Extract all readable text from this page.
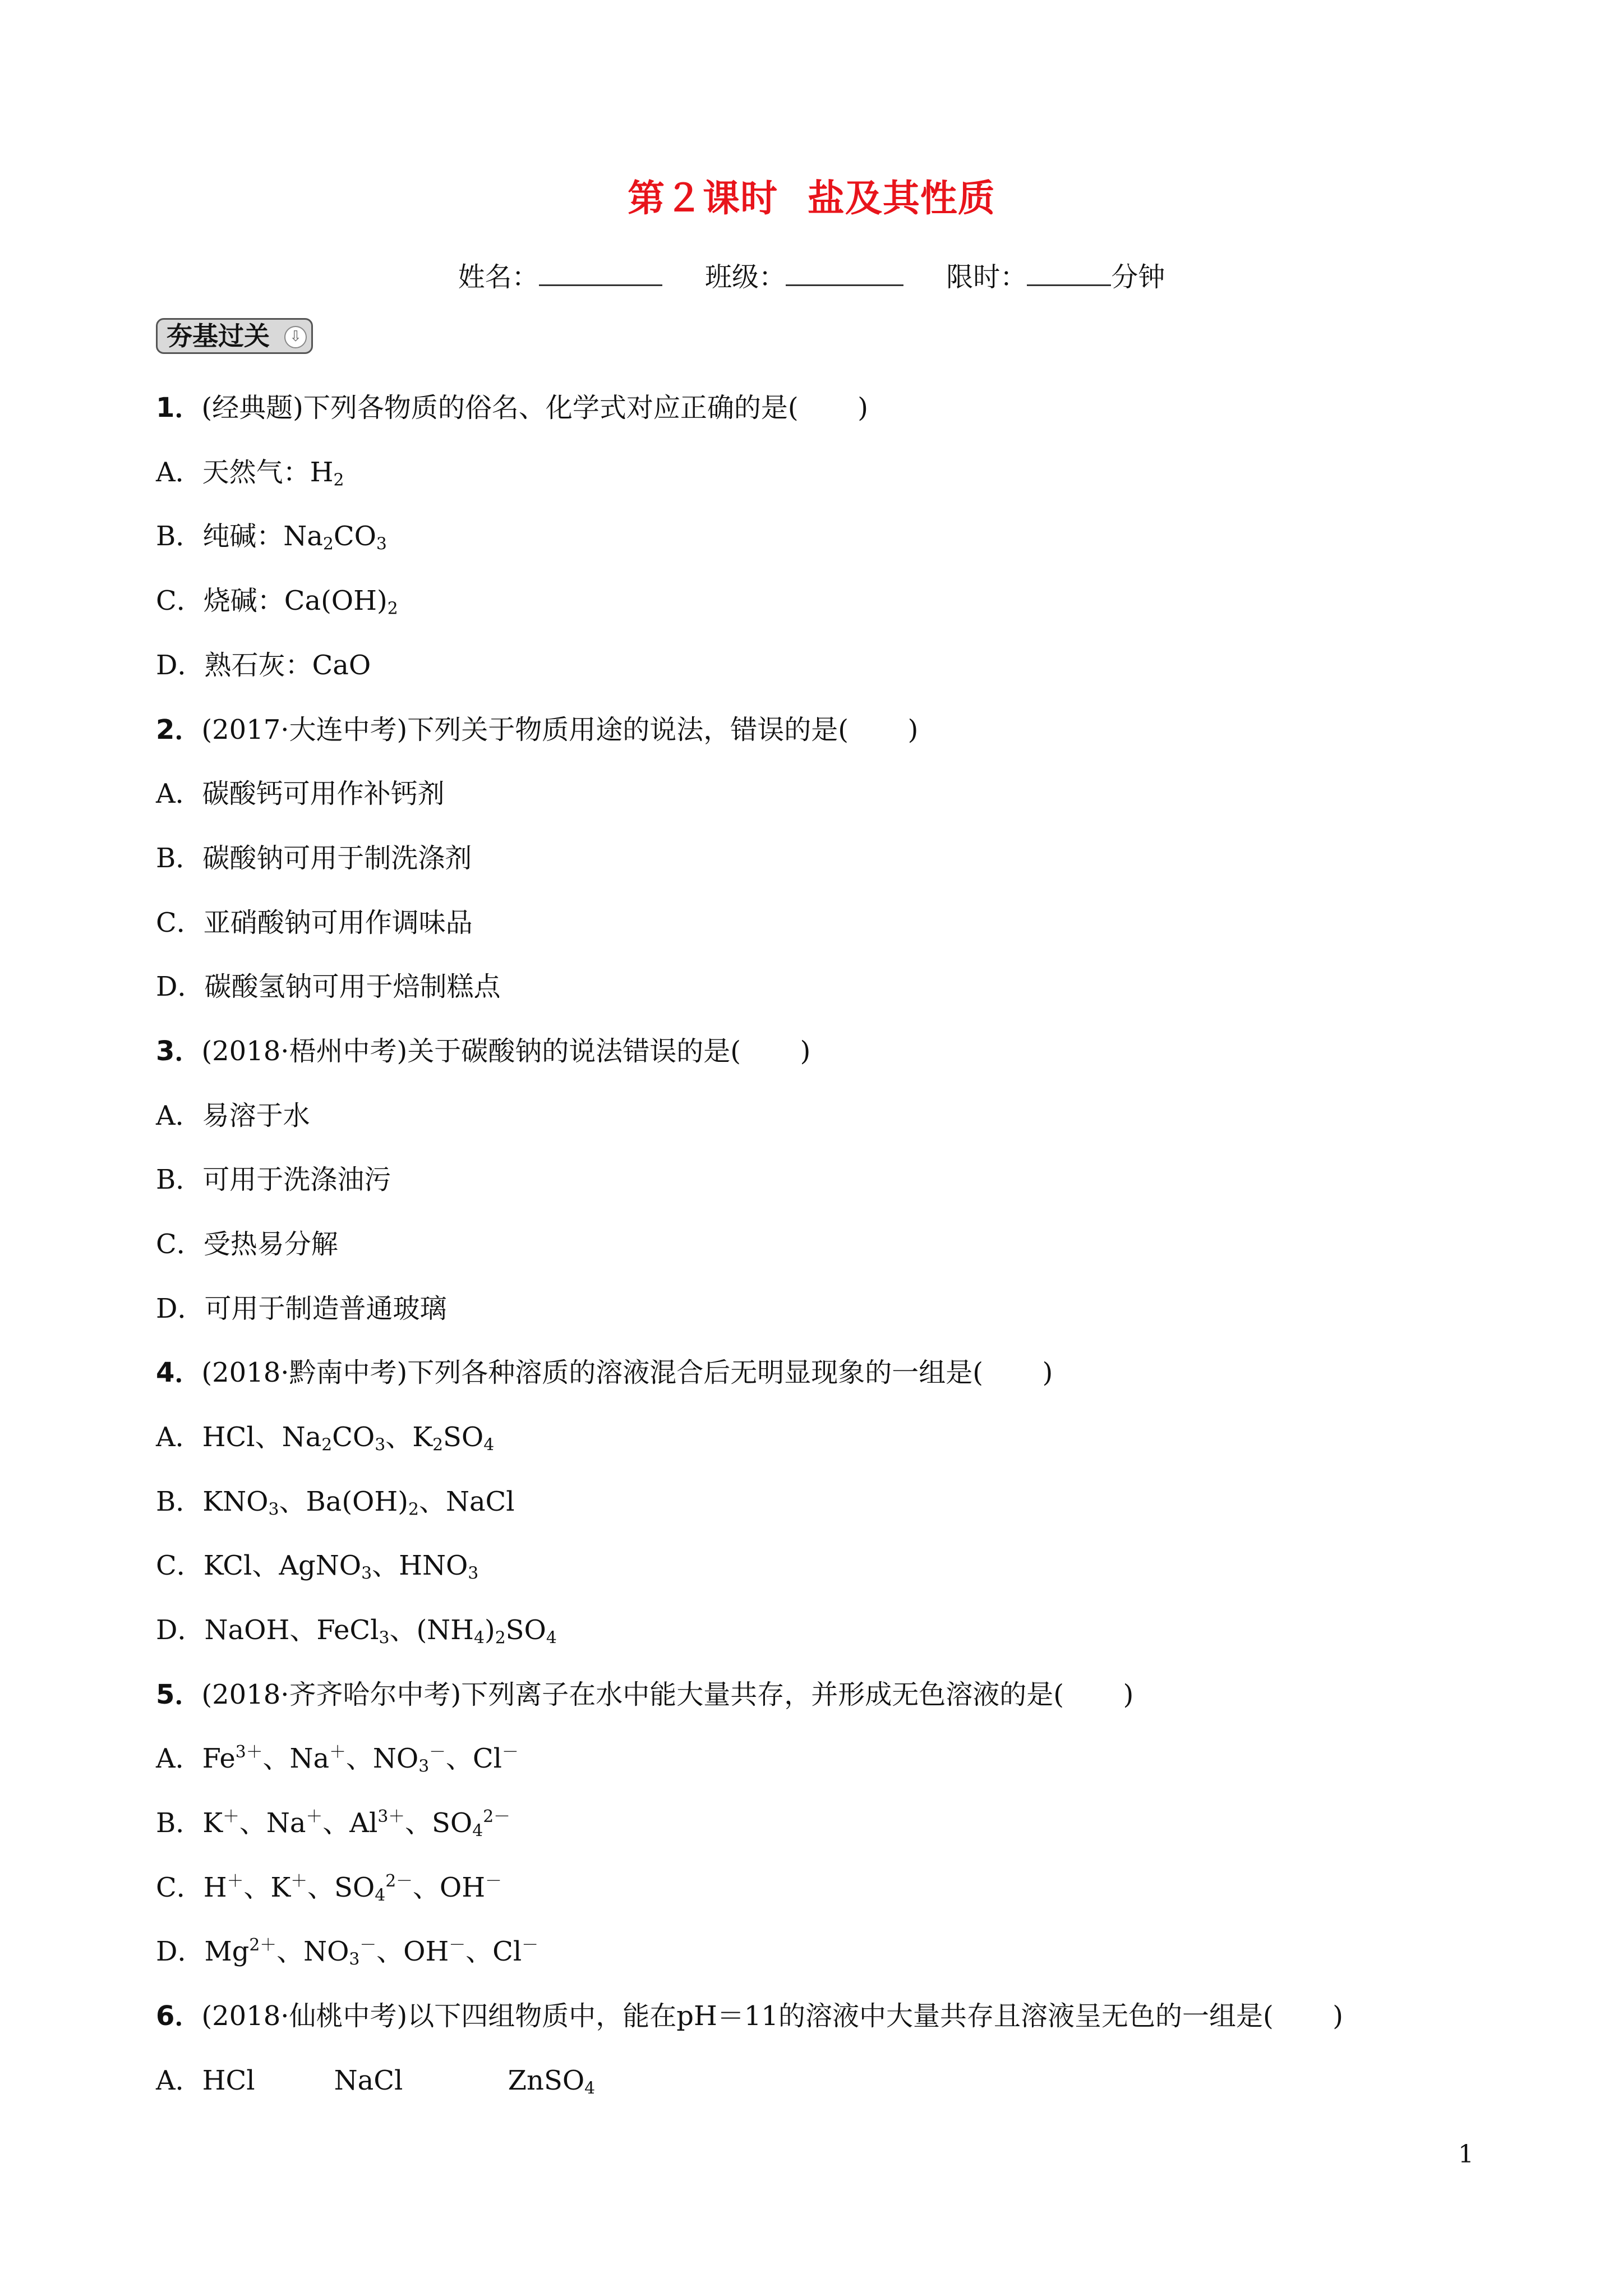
第２课时 盐及其性质
姓名：	班级：	限时：	分钟
夯基过关	⇩
1．(经典题)下列各物质的俗名、化学式对应正确的是( )
A．天然气：$H_2$
B．纯碱：$Na_2CO_3$
C．烧碱：$Ca(OH)_2$
D．熟石灰：CaO
2．(2017·大连中考)下列关于物质用途的说法，错误的是( )
A．碳酸钙可用作补钙剂
B．碳酸钠可用于制洗涤剂
C．亚硝酸钠可用作调味品
D．碳酸氢钠可用于焙制糕点
3．(2018·梧州中考)关于碳酸钠的说法错误的是( )
A．易溶于水
B．可用于洗涤油污
C．受热易分解
D．可用于制造普通玻璃
4．(2018·黔南中考)下列各种溶质的溶液混合后无明显现象的一组是( )
A．HCl、$Na_2CO_3$、$K_2SO_4$
B．$KNO_3$、$Ba(OH)_2$、NaCl
C．KCl、AgNO$_3$、$HNO_3$
D．NaOH、FeCl$_3$、$(NH_4)_2SO_4$
5．(2018·齐齐哈尔中考)下列离子在水中能大量共存，并形成无色溶液的是( )
A．$Fe^{3+}$、Na＋、$NO_3^-$、Cl－
B．K＋、Na＋、$Al^{3+}$、$SO_4^{2-}$
C．H＋、K＋、$SO_4^{2-}$、OH－
D．$Mg^{2+}$、$NO_3^-$、OH－、Cl－
6．(2018·仙桃中考)以下四组物质中，能在pH＝11的溶液中大量共存且溶液呈无色的一组是( )
A．HCl	NaCl	ZnSO$_4$
1
